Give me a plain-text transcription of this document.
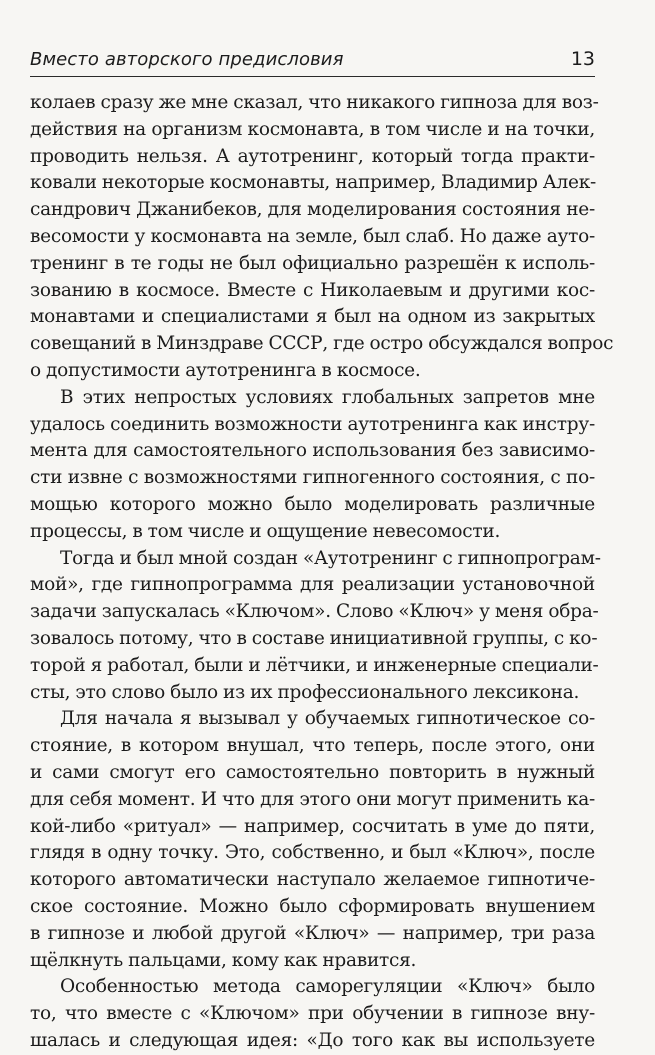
Вместо авторского предисловия	13
колаев сразу же мне сказал, что никакого гипноза для воз-
действия на организм космонавта, в том числе и на точки,
проводить нельзя. А аутотренинг, который тогда практи-
ковали некоторые космонавты, например, Владимир Алек-
сандрович Джанибеков, для моделирования состояния не-
весомости у космонавта на земле, был слаб. Но даже ауто-
тренинг в те годы не был официально разрешён к исполь-
зованию в космосе. Вместе с Николаевым и другими кос-
монавтами и специалистами я был на одном из закрытых
совещаний в Минздраве СССР, где остро обсуждался вопрос
о допустимости аутотренинга в космосе.
В этих непростых условиях глобальных запретов мне
удалось соединить возможности аутотренинга как инстру-
мента для самостоятельного использования без зависимо-
сти извне с возможностями гипногенного состояния, с по-
мощью которого можно было моделировать различные
процессы, в том числе и ощущение невесомости.
Тогда и был мной создан «Аутотренинг с гипнопрограм-
мой», где гипнопрограмма для реализации установочной
задачи запускалась «Ключом». Слово «Ключ» у меня обра-
зовалось потому, что в составе инициативной группы, с ко-
торой я работал, были и лётчики, и инженерные специали-
сты, это слово было из их профессионального лексикона.
Для начала я вызывал у обучаемых гипнотическое со-
стояние, в котором внушал, что теперь, после этого, они
и сами смогут его самостоятельно повторить в нужный
для себя момент. И что для этого они могут применить ка-
кой-либо «ритуал» — например, сосчитать в уме до пяти,
глядя в одну точку. Это, собственно, и был «Ключ», после
которого автоматически наступало желаемое гипнотиче-
ское состояние. Можно было сформировать внушением
в гипнозе и любой другой «Ключ» — например, три раза
щёлкнуть пальцами, кому как нравится.
Особенностью метода саморегуляции «Ключ» было
то, что вместе с «Ключом» при обучении в гипнозе вну-
шалась и следующая идея: «До того как вы используете
